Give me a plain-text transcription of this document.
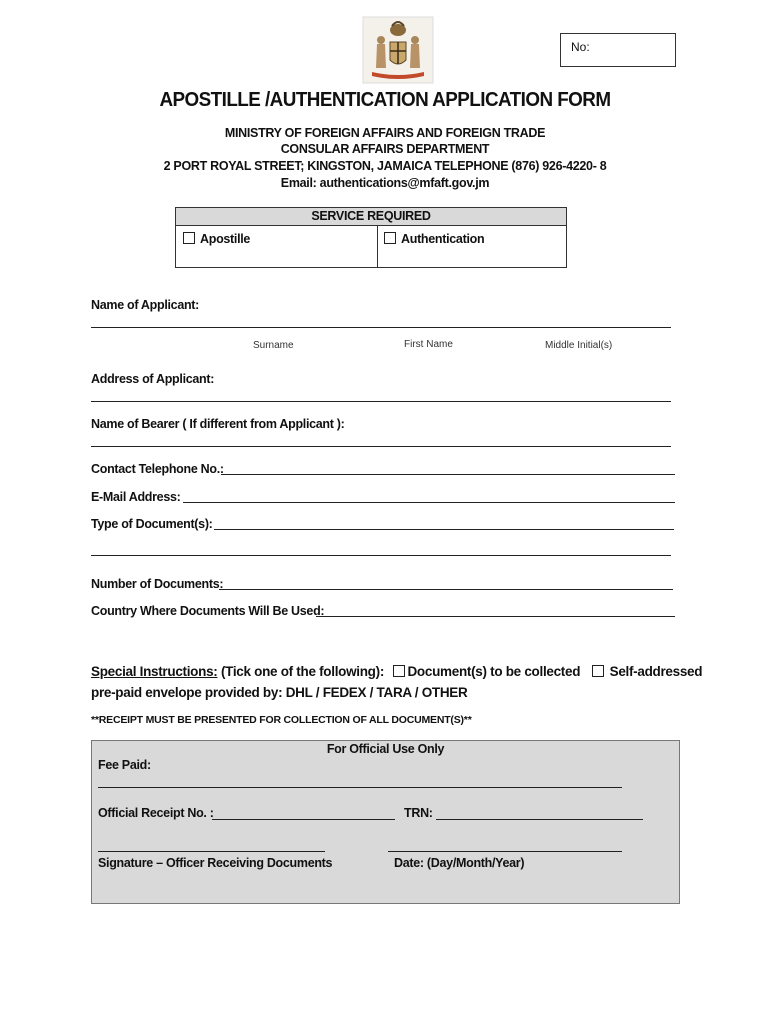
No:
APOSTILLE /AUTHENTICATION APPLICATION FORM
MINISTRY OF FOREIGN AFFAIRS AND FOREIGN TRADE
CONSULAR AFFAIRS DEPARTMENT
2 PORT ROYAL STREET; KINGSTON, JAMAICA TELEPHONE (876) 926-4220- 8
Email: authentications@mfaft.gov.jm
SERVICE REQUIRED
Apostille	Authentication
Name of Applicant:
Surname	First Name	Middle Initial(s)
Address of Applicant:
Name of Bearer ( If different from Applicant ):
Contact Telephone No.:
E-Mail Address:
Type of Document(s):
Number of Documents:
Country Where Documents Will Be Used:
Special Instructions: (Tick one of the following): Document(s) to be collected Self-addressed
pre-paid envelope provided by: DHL / FEDEX / TARA / OTHER
**RECEIPT MUST BE PRESENTED FOR COLLECTION OF ALL DOCUMENT(S)**
For Official Use Only
Fee Paid:
Official Receipt No. :	TRN:
Signature – Officer Receiving Documents	Date: (Day/Month/Year)
